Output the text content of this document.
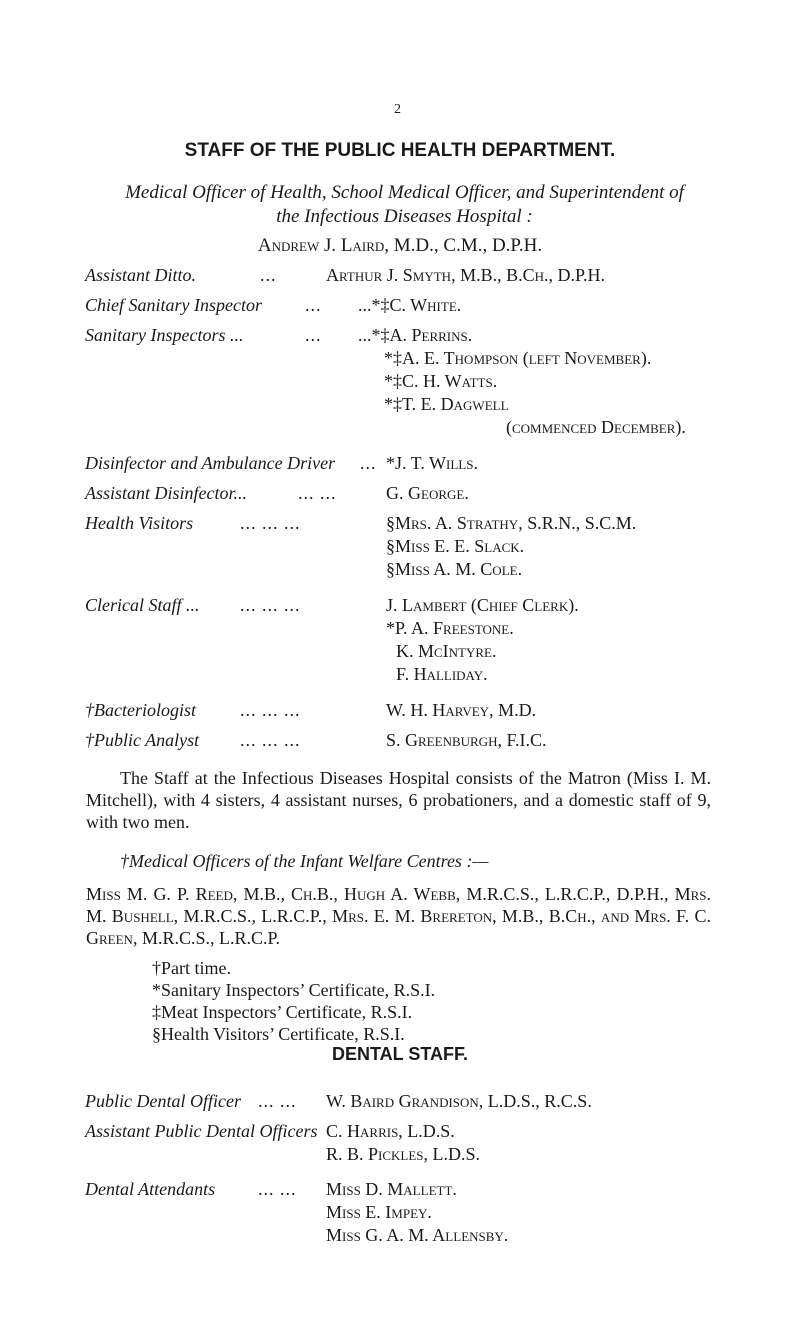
2
STAFF OF THE PUBLIC HEALTH DEPARTMENT.
Medical Officer of Health, School Medical Officer, and Superintendent of the Infectious Diseases Hospital :
Andrew J. Laird, M.D., C.M., D.P.H.
Assistant Ditto.	...	Arthur J. Smyth, M.B., B.Ch., D.P.H.
Chief Sanitary Inspector ... ...*‡C. White.
Sanitary Inspectors ...	... ...*‡A. Perrins.
*‡A. E. Thompson (left November).
*‡C. H. Watts.
*‡T. E. Dagwell
(commenced December).
Disinfector and Ambulance Driver ... *J. T. Wills.
Assistant Disinfector...	... ...	G. George.
Health Visitors	... ... ...	§Mrs. A. Strathy, S.R.N., S.C.M.
§Miss E. E. Slack.
§Miss A. M. Cole.
Clerical Staff ... ... ... ...	J. Lambert (Chief Clerk).
*P. A. Freestone.
K. McIntyre.
F. Halliday.
†Bacteriologist ... ... ...	W. H. Harvey, M.D.
†Public Analyst ... ... ...	S. Greenburgh, F.I.C.
The Staff at the Infectious Diseases Hospital consists of the Matron (Miss I. M. Mitchell), with 4 sisters, 4 assistant nurses, 6 probationers, and a domestic staff of 9, with two men.
†Medical Officers of the Infant Welfare Centres :—
Miss M. G. P. Reed, M.B., Ch.B., Hugh A. Webb, M.R.C.S., L.R.C.P., D.P.H., Mrs. M. Bushell, M.R.C.S., L.R.C.P., Mrs. E. M. Brereton, M.B., B.Ch., and Mrs. F. C. Green, M.R.C.S., L.R.C.P.
†Part time.
*Sanitary Inspectors’ Certificate, R.S.I.
‡Meat Inspectors’ Certificate, R.S.I.
§Health Visitors’ Certificate, R.S.I.
DENTAL STAFF.
Public Dental Officer ... ... W. Baird Grandison, L.D.S., R.C.S.
Assistant Public Dental Officers C. Harris, L.D.S.
R. B. Pickles, L.D.S.
Dental Attendants ... ... Miss D. Mallett.
Miss E. Impey.
Miss G. A. M. Allensby.
